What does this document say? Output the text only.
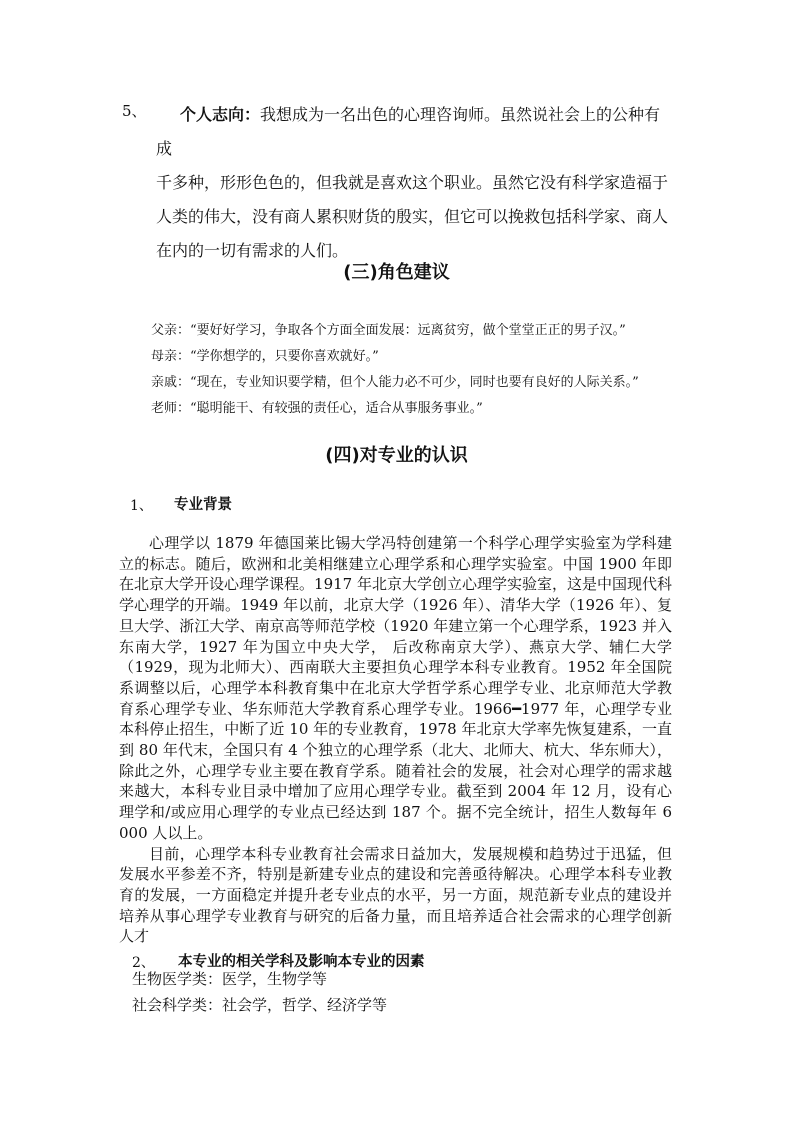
5、	个人志向：我想成为一名出色的心理咨询师。虽然说社会上的公种有成
千多种，形形色色的，但我就是喜欢这个职业。虽然它没有科学家造福于
人类的伟大，没有商人累积财货的殷实，但它可以挽救包括科学家、商人
在内的一切有需求的人们。
(三)角色建议
父亲：“要好好学习，争取各个方面全面发展：远离贫穷，做个堂堂正正的男子汉。”
母亲：“学你想学的，只要你喜欢就好。”
亲戚：“现在，专业知识要学精，但个人能力必不可少，同时也要有良好的人际关系。”
老师：“聪明能干、有较强的责任心，适合从事服务事业。”
(四)对专业的认识
1、 专业背景

心理学以 1879 年德国莱比锡大学冯特创建第一个科学心理学实验室为学科建立的标志。随后，欧洲和北美相继建立心理学系和心理学实验室。中国 1900 年即在北京大学开设心理学课程。1917 年北京大学创立心理学实验室，这是中国现代科学心理学的开端。1949 年以前，北京大学（1926 年）、清华大学（1926 年）、复旦大学、浙江大学、南京高等师范学校（1920 年建立第一个心理学系，1923 并入东南大学，1927 年为国立中央大学， 后改称南京大学）、燕京大学、辅仁大学（1929，现为北师大）、西南联大主要担负心理学本科专业教育。1952 年全国院系调整以后，心理学本科教育集中在北京大学哲学系心理学专业、北京师范大学教育系心理学专业、华东师范大学教育系心理学专业。1966━1977 年，心理学专业本科停止招生，中断了近 10 年的专业教育，1978 年北京大学率先恢复建系，一直到 80 年代末，全国只有 4 个独立的心理学系（北大、北师大、杭大、华东师大），除此之外，心理学专业主要在教育学系。随着社会的发展，社会对心理学的需求越来越大，本科专业目录中增加了应用心理学专业。截至到 2004 年 12 月，设有心理学和/或应用心理学的专业点已经达到 187 个。据不完全统计，招生人数每年 6 000 人以上。

目前，心理学本科专业教育社会需求日益加大，发展规模和趋势过于迅猛，但发展水平参差不齐，特别是新建专业点的建设和完善亟待解决。心理学本科专业教育的发展，一方面稳定并提升老专业点的水平，另一方面，规范新专业点的建设并培养从事心理学专业教育与研究的后备力量，而且培养适合社会需求的心理学创新人才

2、 本专业的相关学科及影响本专业的因素
生物医学类：医学，生物学等
社会科学类：社会学，哲学、经济学等
